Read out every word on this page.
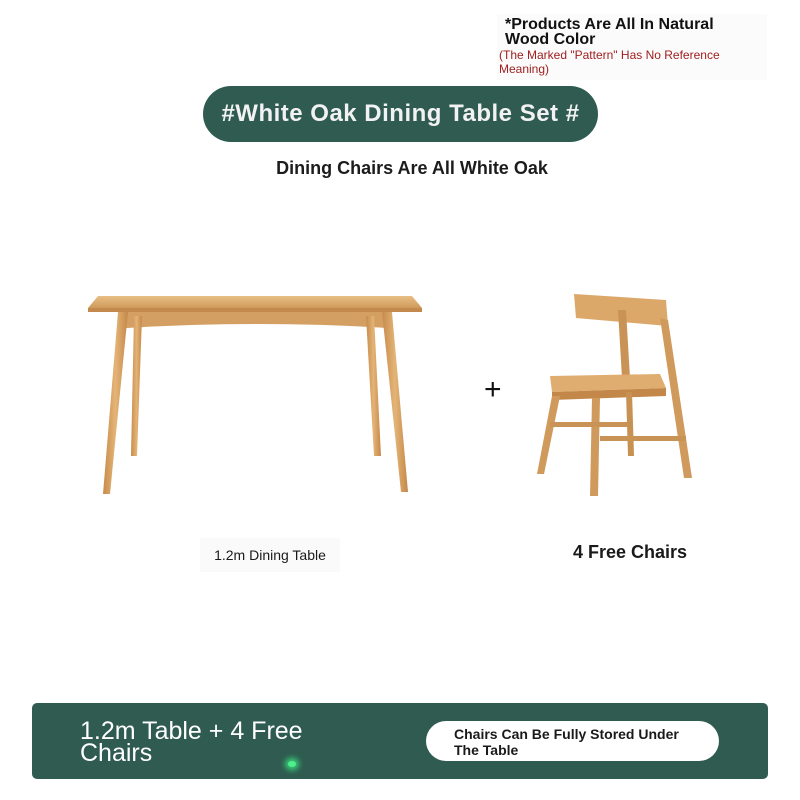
*Products Are All In Natural Wood Color
(The Marked "Pattern" Has No Reference Meaning)
#White Oak Dining Table Set #
Dining Chairs Are All White Oak
+
1.2m Dining Table	4 Free Chairs
1.2m Table + 4 Free Chairs
Chairs Can Be Fully Stored Under The Table
